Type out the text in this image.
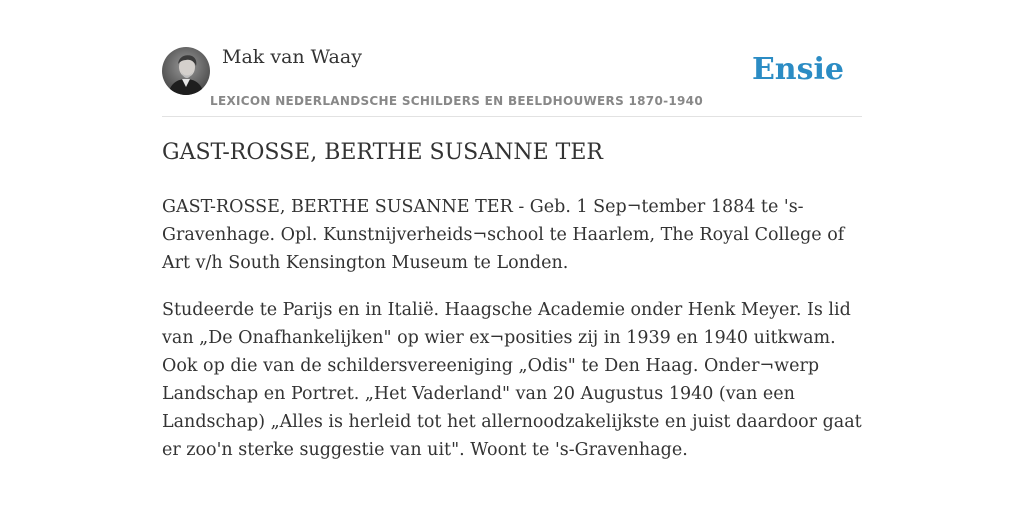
Mak van Waay
LEXICON NEDERLANDSCHE SCHILDERS EN BEELDHOUWERS 1870-1940
Ensie
GAST-ROSSE, BERTHE SUSANNE TER

GAST-ROSSE, BERTHE SUSANNE TER - Geb. 1 Sep¬tember 1884 te 's-Gravenhage. Opl. Kunstnijverheids¬school te Haarlem, The Royal College of Art v/h South Kensington Museum te Londen.

Studeerde te Parijs en in Italië. Haagsche Academie onder Henk Meyer. Is lid van „De Onafhankelijken" op wier ex¬posities zij in 1939 en 1940 uitkwam. Ook op die van de schildersvereeniging „Odis" te Den Haag. Onder¬werp Landschap en Portret. „Het Vaderland" van 20 Augustus 1940 (van een Landschap) „Alles is herleid tot het allernoodzakelijkste en juist daardoor gaat er zoo'n sterke suggestie van uit". Woont te 's-Gravenhage.
